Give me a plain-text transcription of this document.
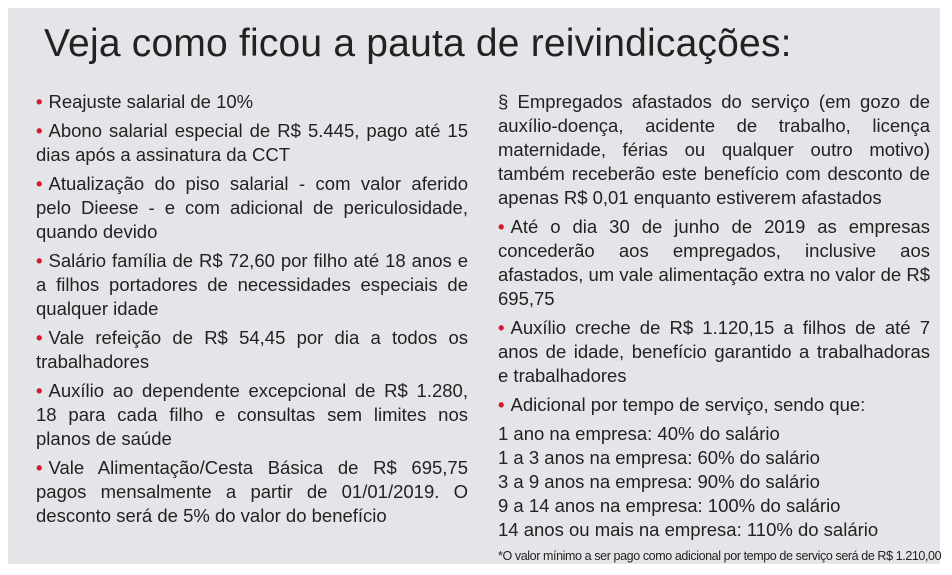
Veja como ficou a pauta de reivindicações:
• Reajuste salarial de 10%
• Abono salarial especial de R$ 5.445, pago até 15 dias após a assinatura da CCT
• Atualização do piso salarial - com valor aferido pelo Dieese - e com adicional de periculosidade, quando devido
• Salário família de R$ 72,60 por filho até 18 anos e a filhos portadores de necessidades especiais de qualquer idade
• Vale refeição de R$ 54,45 por dia a todos os trabalhadores
• Auxílio ao dependente excepcional de R$ 1.280, 18 para cada filho e consultas sem limites nos planos de saúde
• Vale Alimentação/Cesta Básica de R$ 695,75 pagos mensalmente a partir de 01/01/2019. O desconto será de 5% do valor do benefício
§ Empregados afastados do serviço (em gozo de auxílio-doença, acidente de trabalho, licença maternidade, férias ou qualquer outro motivo) também receberão este benefício com desconto de apenas R$ 0,01 enquanto estiverem afastados
• Até o dia 30 de junho de 2019 as empresas concederão aos empregados, inclusive aos afastados, um vale alimentação extra no valor de R$ 695,75
• Auxílio creche de R$ 1.120,15 a filhos de até 7 anos de idade, benefício garantido a trabalhadoras e trabalhadores
• Adicional por tempo de serviço, sendo que:
1 ano na empresa: 40% do salário
1 a 3 anos na empresa: 60% do salário
3 a 9 anos na empresa: 90% do salário
9 a 14 anos na empresa: 100% do salário
14 anos ou mais na empresa: 110% do salário
*O valor mínimo a ser pago como adicional por tempo de serviço será de R$ 1.210,00
